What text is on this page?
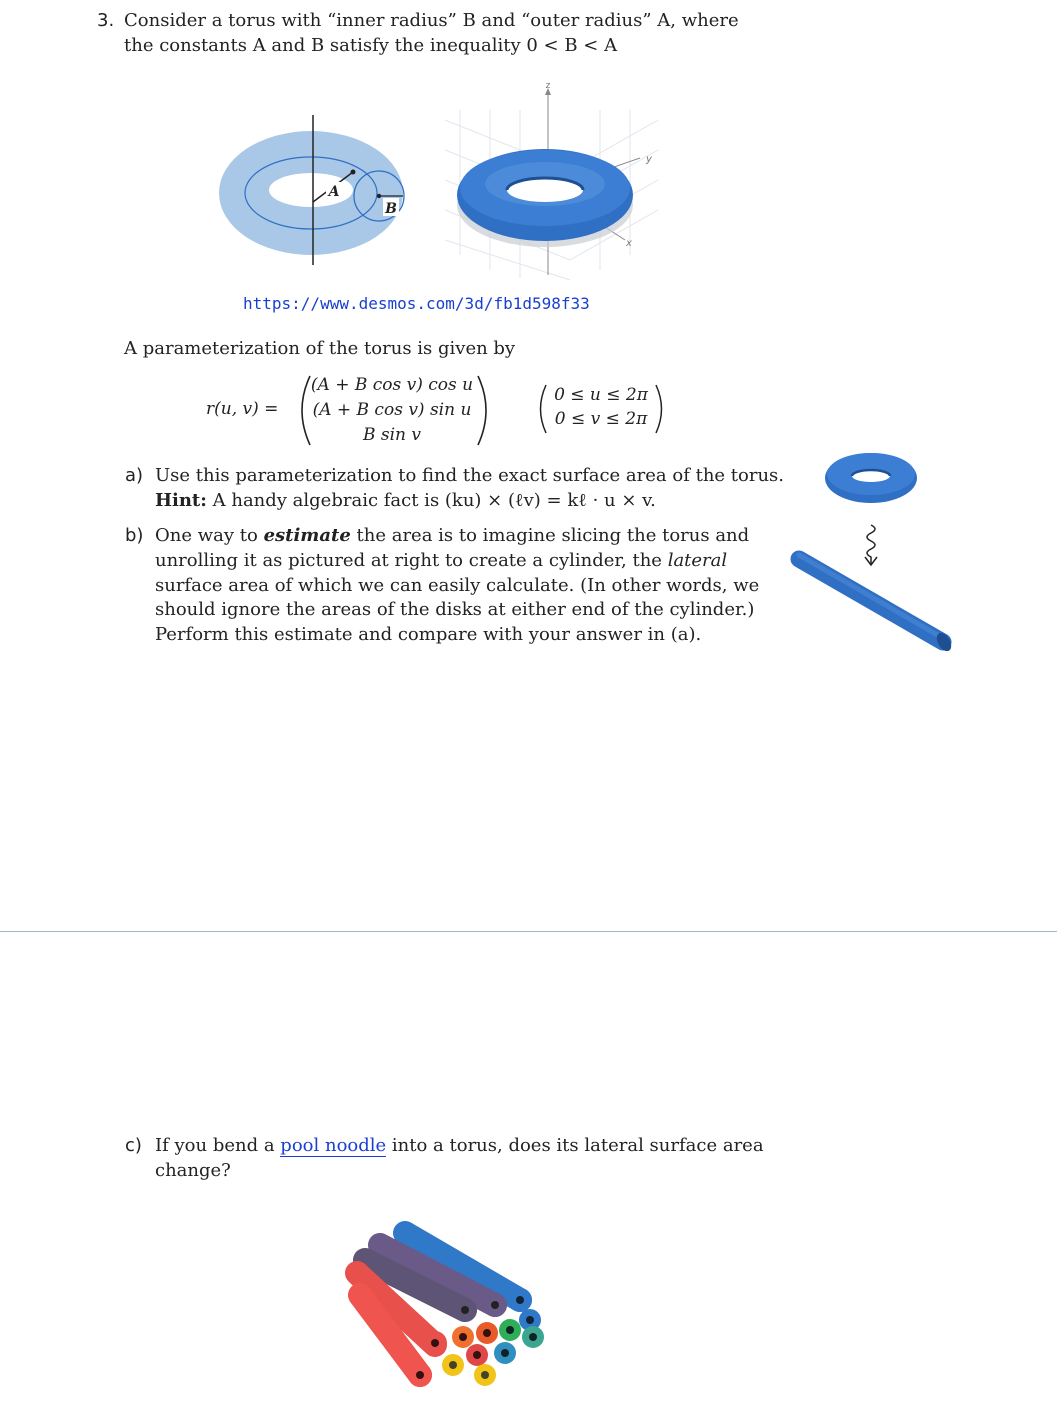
3. Consider a torus with “inner radius” B and “outer radius” A, where
the constants A and B satisfy the inequality 0 < B < A
A
B
z
y
x
https://www.desmos.com/3d/fb1d598f33
A parameterization of the torus is given by
r(u, v) =
(A + B cos v) cos u
(A + B cos v) sin u
B sin v
0 ≤ u ≤ 2π
0 ≤ v ≤ 2π
a) Use this parameterization to find the exact surface area of the torus.
Hint: A handy algebraic fact is (ku) × (ℓv) = kℓ · u × v.
b) One way to estimate the area is to imagine slicing the torus and
unrolling it as pictured at right to create a cylinder, the lateral
surface area of which we can easily calculate. (In other words, we
should ignore the areas of the disks at either end of the cylinder.)
Perform this estimate and compare with your answer in (a).
c) If you bend a pool noodle into a torus, does its lateral surface area
change?
